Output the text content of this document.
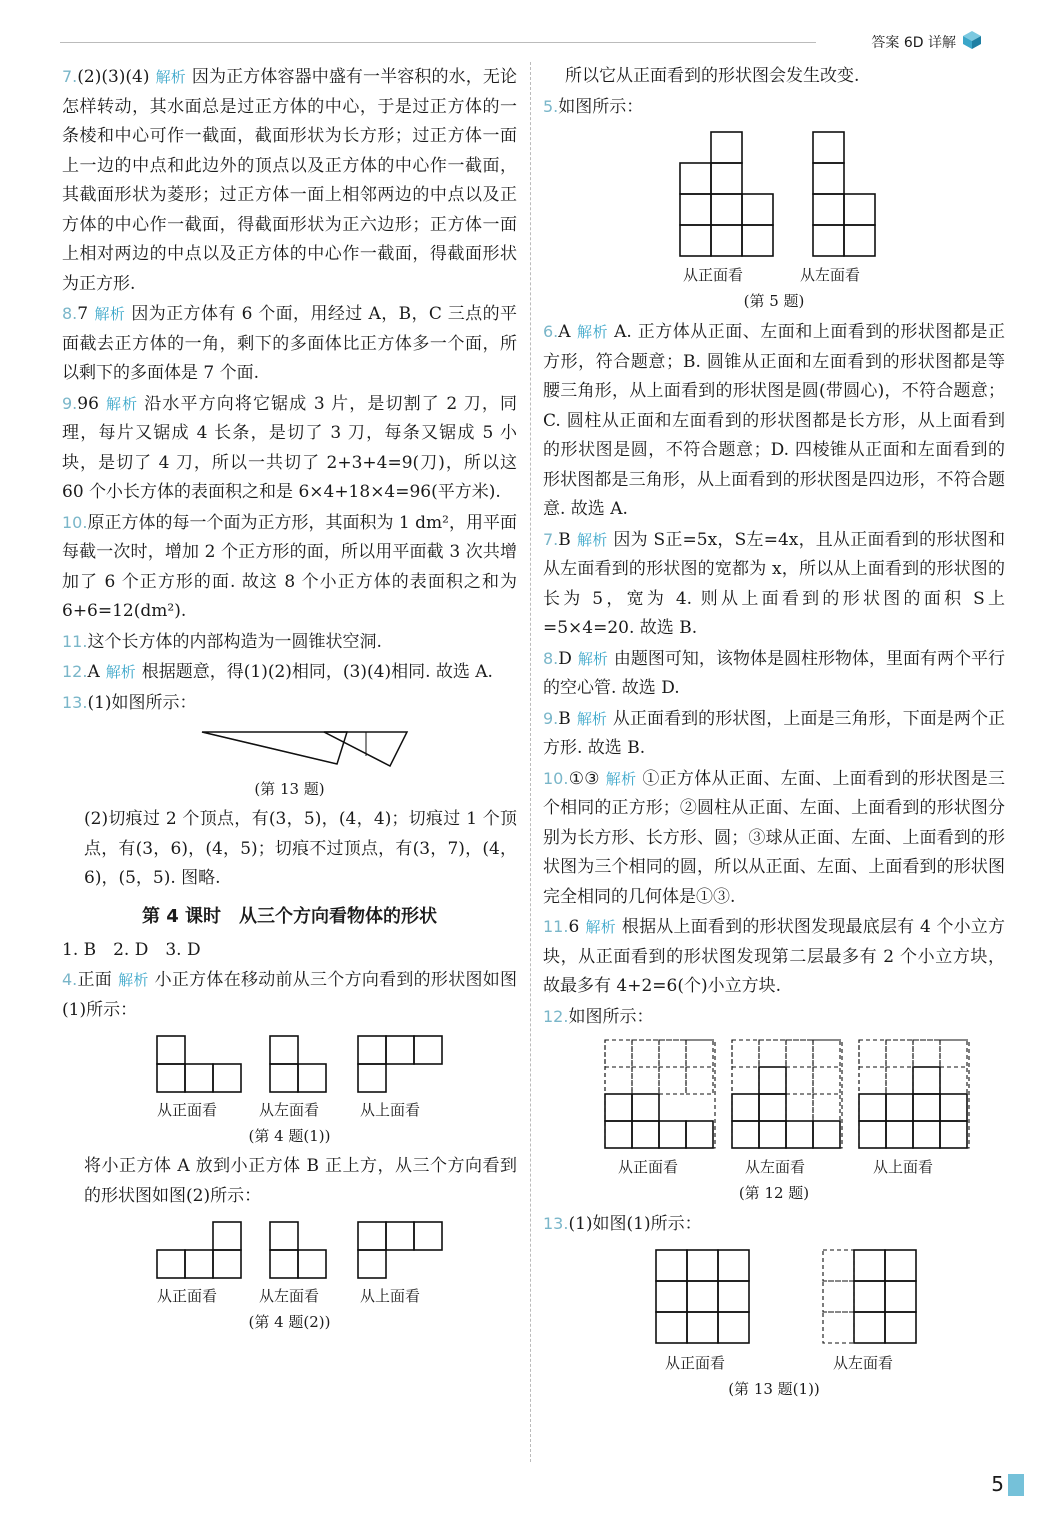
答案 6D 详解

7.(2)(3)(4) 解析 因为正方体容器中盛有一半容积的水，无论怎样转动，其水面总是过正方体的中心，于是过正方体的一条棱和中心可作一截面，截面形状为长方形；过正方体一面上一边的中点和此边外的顶点以及正方体的中心作一截面，其截面形状为菱形；过正方体一面上相邻两边的中点以及正方体的中心作一截面，得截面形状为正六边形；正方体一面上相对两边的中点以及正方体的中心作一截面，得截面形状为正方形.

8.7 解析 因为正方体有 6 个面，用经过 A，B，C 三点的平面截去正方体的一角，剩下的多面体比正方体多一个面，所以剩下的多面体是 7 个面.

9.96 解析 沿水平方向将它锯成 3 片，是切割了 2 刀，同理，每片又锯成 4 长条，是切了 3 刀，每条又锯成 5 小块，是切了 4 刀，所以一共切了 2+3+4=9(刀)，所以这 60 个小长方体的表面积之和是 6×4+18×4=96(平方米).

10.原正方体的每一个面为正方形，其面积为 1 dm²，用平面每截一次时，增加 2 个正方形的面，所以用平面截 3 次共增加了 6 个正方形的面. 故这 8 个小正方体的表面积之和为 6+6=12(dm²).

11.这个长方体的内部构造为一圆锥状空洞.

12.A 解析 根据题意，得(1)(2)相同，(3)(4)相同. 故选 A.

13.(1)如图所示：

(第 13 题)

(2)切痕过 2 个顶点，有(3，5)，(4，4)；切痕过 1 个顶点，有(3，6)，(4，5)；切痕不过顶点，有(3，7)，(4，6)，(5，5). 图略.

第 4 课时　从三个方向看物体的形状

1. B　2. D　3. D

4.正面 解析 小正方体在移动前从三个方向看到的形状图如图(1)所示：

从正面看	从左面看	从上面看
(第 4 题(1))

将小正方体 A 放到小正方体 B 正上方，从三个方向看到的形状图如图(2)所示：

从正面看	从左面看	从上面看
(第 4 题(2))

所以它从正面看到的形状图会发生改变.

5.如图所示：

从正面看	从左面看
(第 5 题)

6.A 解析 A. 正方体从正面、左面和上面看到的形状图都是正方形，符合题意；B. 圆锥从正面和左面看到的形状图都是等腰三角形，从上面看到的形状图是圆(带圆心)，不符合题意；C. 圆柱从正面和左面看到的形状图都是长方形，从上面看到的形状图是圆，不符合题意；D. 四棱锥从正面和左面看到的形状图都是三角形，从上面看到的形状图是四边形，不符合题意. 故选 A.

7.B 解析 因为 S正=5x，S左=4x，且从正面看到的形状图和从左面看到的形状图的宽都为 x，所以从上面看到的形状图的长为 5，宽为 4. 则从上面看到的形状图的面积 S上=5×4=20. 故选 B.

8.D 解析 由题图可知，该物体是圆柱形物体，里面有两个平行的空心管. 故选 D.

9.B 解析 从正面看到的形状图，上面是三角形，下面是两个正方形. 故选 B.

10.①③ 解析 ①正方体从正面、左面、上面看到的形状图是三个相同的正方形；②圆柱从正面、左面、上面看到的形状图分别为长方形、长方形、圆；③球从正面、左面、上面看到的形状图为三个相同的圆，所以从正面、左面、上面看到的形状图完全相同的几何体是①③.

11.6 解析 根据从上面看到的形状图发现最底层有 4 个小立方块，从正面看到的形状图发现第二层最多有 2 个小立方块，故最多有 4+2=6(个)小立方块.

12.如图所示：

从正面看	从左面看	从上面看
(第 12 题)

13.(1)如图(1)所示：

从正面看	从左面看
(第 13 题(1))
5
